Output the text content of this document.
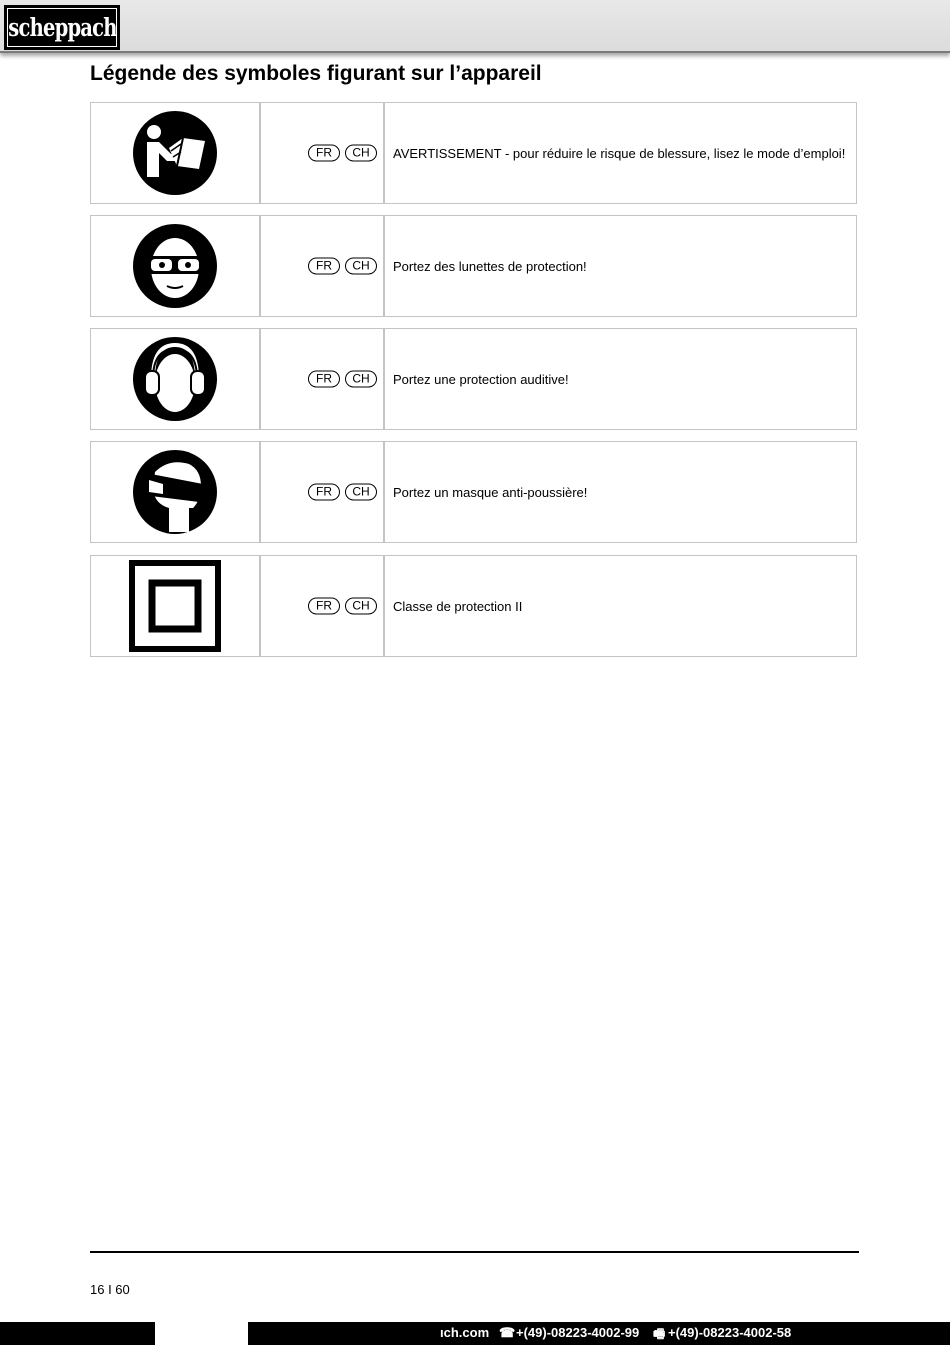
scheppach
Légende des symboles figurant sur l’appareil
FR	CH	AVERTISSEMENT - pour réduire le risque de blessure, lisez le mode d’emploi!
FR	CH	Portez des lunettes de protection!
FR	CH	Portez une protection auditive!
FR	CH	Portez un masque anti-poussière!
FR	CH	Classe de protection II
16 I 60
ıch.com ☎ +(49)-08223-4002-99 🖷 +(49)-08223-4002-58
